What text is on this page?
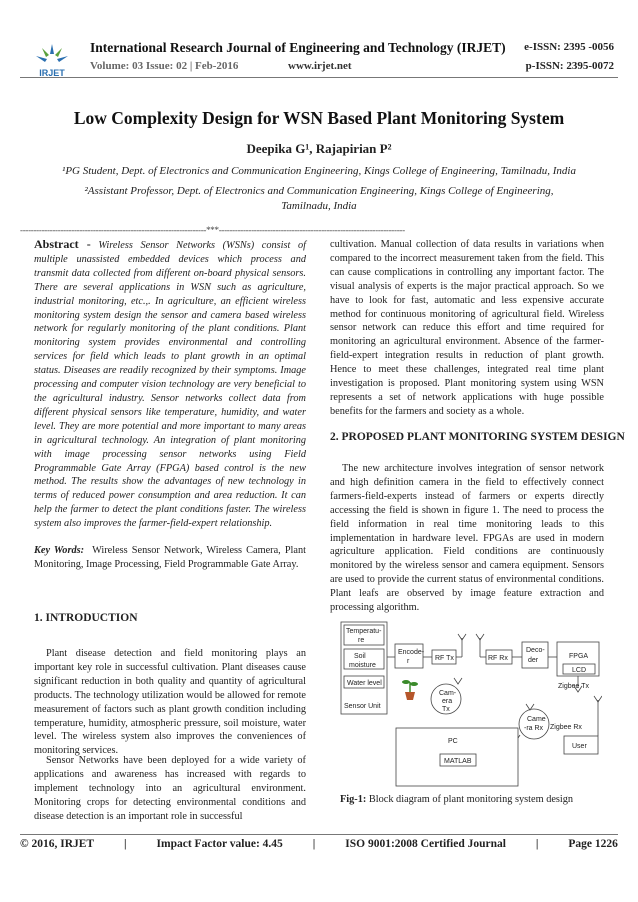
IRJET
International Research Journal of Engineering and Technology (IRJET)
Volume: 03 Issue: 02 | Feb-2016	www.irjet.net
e-ISSN: 2395 -0056
p-ISSN: 2395-0072
Low Complexity Design for WSN Based Plant Monitoring System
Deepika G¹, Rajapirian P²
¹PG Student, Dept. of Electronics and Communication Engineering, Kings College of Engineering, Tamilnadu, India
²Assistant Professor, Dept. of Electronics and Communication Engineering, Kings College of Engineering,
Tamilnadu, India
---------------------------------------------------------------------***---------------------------------------------------------------------

Abstract - Wireless Sensor Networks (WSNs) consist of multiple unassisted embedded devices which process and transmit data collected from different on-board physical sensors. There are several applications in WSN such as agriculture, industrial monitoring, etc.,. In agriculture, an efficient wireless monitoring system design the sensor and camera based wireless network for regularly monitoring of the plant conditions. Plant monitoring system provides environmental and controlling services for field which leads to plant growth in an optimal status. Diseases are readily recognized by their symptoms. Image processing and computer vision technology are very beneficial to the agricultural industry. Sensor networks collect data from different physical sensors like temperature, humidity, and water level. They are more potential and more important to many areas in agricultural technology. An integration of plant monitoring with image processing sensor networks using Field Programmable Gate Array (FPGA) based control is the new method. The results show the advantages of new technology in terms of reduced power consumption and area reduction. It can help the farmer to detect the plant conditions faster. The wireless system also improves the farmer-field-expert relationship.

Key Words: Wireless Sensor Network, Wireless Camera, Plant Monitoring, Image Processing, Field Programmable Gate Array.

1. INTRODUCTION

Plant disease detection and field monitoring plays an important key role in successful cultivation. Plant diseases cause significant reduction in both quality and quantity of agricultural products. The technology utilization would be allowed for remote measurement of factors such as plant growth condition including temperature, humidity, atmospheric pressure, soil moisture, water level. The wireless system also improves the conveniences of monitoring services.

Sensor Networks have been deployed for a wide variety of applications and awareness has increased with regards to implement technology into an agricultural environment. Monitoring crops for detecting environmental conditions and disease detection is an important role in successful

cultivation. Manual collection of data results in variations when compared to the incorrect measurement taken from the field. This can cause complications in controlling any important factor. The visual analysis of experts is the major practical approach. So we have to look for fast, automatic and less expensive accurate method for continuous monitoring of agricultural field. Wireless sensor network can reduce this effort and time required for monitoring an agricultural environment. Absence of the farmer-field-expert integration results in reduction of plant growth. Hence to meet these challenges, integrated real time plant investigation is proposed. Plant monitoring system using WSN represents a set of network applications with huge possible benefits for the farmers and society as a whole.

2. PROPOSED PLANT MONITORING SYSTEM DESIGN

The new architecture involves integration of sensor network and high definition camera in the field to effectively connect farmers-field-experts instead of farmers or experts directly accessing the field is shown in figure 1. The need to process the field information in real time monitoring leads to this implementation in hardware level. FPGAs are used in modern agriculture application. Field conditions are continuously monitored by the wireless sensor and camera equipment. Sensors are used to provide the current status of environmental conditions. Plant leafs are observed by image feature extraction and processing algorithm.

Temperatu-
re
Soil
moisture
Water level
Sensor Unit
Encode-
r	RF Tx	RF Rx
Deco-
der
FPGA
LCD
Zigbee Tx
Zigbee Rx
Cam-
era
Tx
Came
-ra Rx
PC
MATLAB
User
Fig-1: Block diagram of plant monitoring system design
© 2016, IRJET	|	Impact Factor value: 4.45	|	ISO 9001:2008 Certified Journal	|	Page 1226
